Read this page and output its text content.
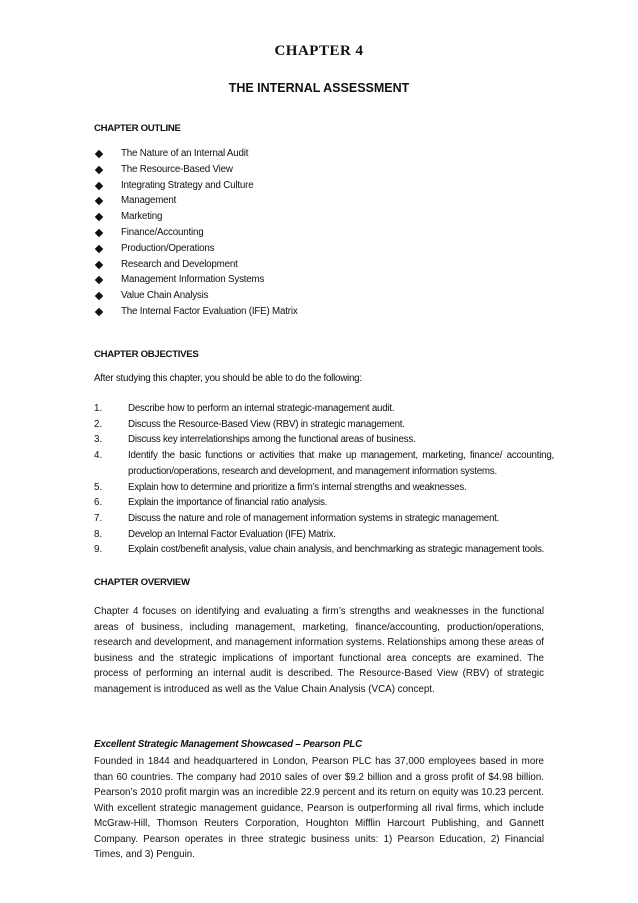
CHAPTER 4
THE INTERNAL ASSESSMENT
CHAPTER OUTLINE
The Nature of an Internal Audit
The Resource-Based View
Integrating Strategy and Culture
Management
Marketing
Finance/Accounting
Production/Operations
Research and Development
Management Information Systems
Value Chain Analysis
The Internal Factor Evaluation (IFE) Matrix
CHAPTER OBJECTIVES
After studying this chapter, you should be able to do the following:
1.	Describe how to perform an internal strategic-management audit.
2.	Discuss the Resource-Based View (RBV) in strategic management.
3.	Discuss key interrelationships among the functional areas of business.
4.	Identify the basic functions or activities that make up management, marketing, finance/ accounting, production/operations, research and development, and management information systems.
5.	Explain how to determine and prioritize a firm’s internal strengths and weaknesses.
6.	Explain the importance of financial ratio analysis.
7.	Discuss the nature and role of management information systems in strategic management.
8.	Develop an Internal Factor Evaluation (IFE) Matrix.
9.	Explain cost/benefit analysis, value chain analysis, and benchmarking as strategic management tools.
CHAPTER OVERVIEW
Chapter 4 focuses on identifying and evaluating a firm’s strengths and weaknesses in the functional areas of business, including management, marketing, finance/accounting, production/operations, research and development, and management information systems. Relationships among these areas of business and the strategic implications of important functional area concepts are examined. The process of performing an internal audit is described. The Resource-Based View (RBV) of strategic management is introduced as well as the Value Chain Analysis (VCA) concept.
Excellent Strategic Management Showcased – Pearson PLC
Founded in 1844 and headquartered in London, Pearson PLC has 37,000 employees based in more than 60 countries. The company had 2010 sales of over $9.2 billion and a gross profit of $4.98 billion. Pearson’s 2010 profit margin was an incredible 22.9 percent and its return on equity was 10.23 percent. With excellent strategic management guidance, Pearson is outperforming all rival firms, which include McGraw-Hill, Thomson Reuters Corporation, Houghton Mifflin Harcourt Publishing, and Gannett Company. Pearson operates in three strategic business units: 1) Pearson Education, 2) Financial Times, and 3) Penguin.
